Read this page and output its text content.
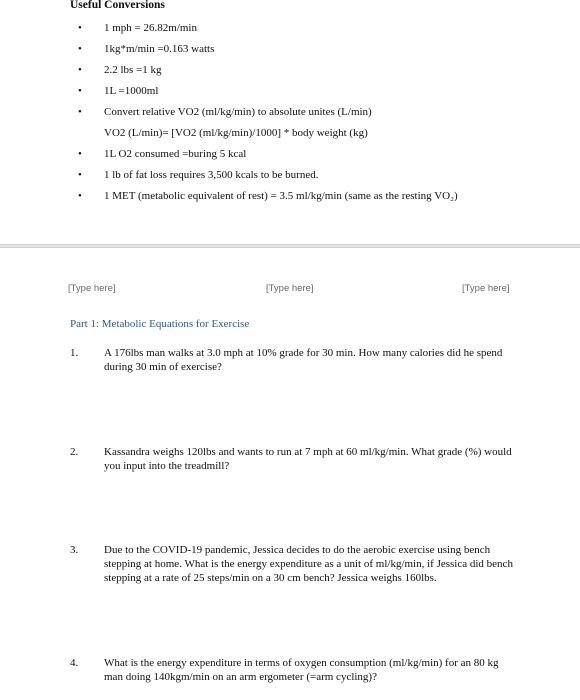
Useful Conversions
• 1 mph = 26.82m/min
• 1kg*m/min =0.163 watts
• 2.2 lbs =1 kg
• 1L =1000ml
• Convert relative VO2 (ml/kg/min) to absolute unites (L/min)
• 1L O2 consumed =buring 5 kcal
• 1 lb of fat loss requires 3,500 kcals to be burned.
• 1 MET (metabolic equivalent of rest) = 3.5 ml/kg/min (same as the resting VO₂)
VO2 (L/min)= [VO2 (ml/kg/min)/1000] * body weight (kg)
[Type here]	[Type here]	[Type here]
Part 1: Metabolic Equations for Exercise
1. A 176lbs man walks at 3.0 mph at 10% grade for 30 min. How many calories did he spend during 30 min of exercise?
2. Kassandra weighs 120lbs and wants to run at 7 mph at 60 ml/kg/min. What grade (%) would you input into the treadmill?
3. Due to the COVID-19 pandemic, Jessica decides to do the aerobic exercise using bench stepping at home. What is the energy expenditure as a unit of ml/kg/min, if Jessica did bench stepping at a rate of 25 steps/min on a 30 cm bench? Jessica weighs 160lbs.
4. What is the energy expenditure in terms of oxygen consumption (ml/kg/min) for an 80 kg man doing 140kgm/min on an arm ergometer (=arm cycling)?
